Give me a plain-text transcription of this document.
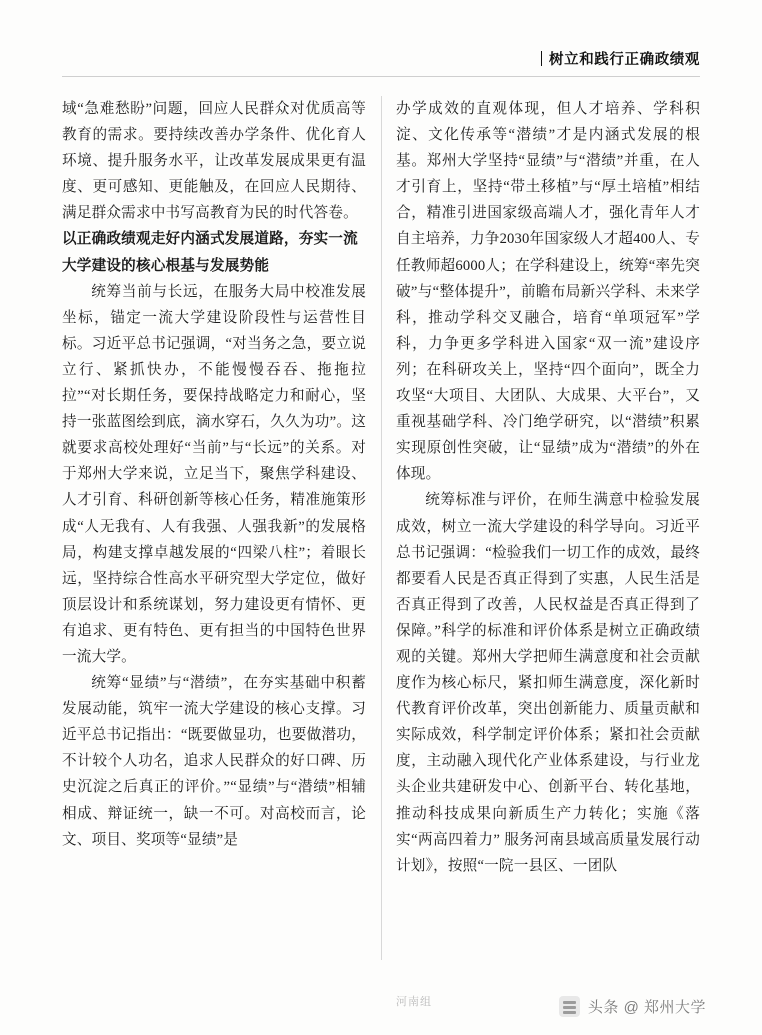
树立和践行正确政绩观

域“急难愁盼”问题，回应人民群众对优质高等教育的需求。要持续改善办学条件、优化育人环境、提升服务水平，让改革发展成果更有温度、更可感知、更能触及，在回应人民期待、满足群众需求中书写高教育为民的时代答卷。

以正确政绩观走好内涵式发展道路，夯实一流大学建设的核心根基与发展势能

统筹当前与长远，在服务大局中校准发展坐标，锚定一流大学建设阶段性与运营性目标。习近平总书记强调，“对当务之急，要立说立行、紧抓快办，不能慢慢吞吞、拖拖拉拉”“对长期任务，要保持战略定力和耐心，坚持一张蓝图绘到底，滴水穿石，久久为功”。这就要求高校处理好“当前”与“长远”的关系。对于郑州大学来说，立足当下，聚焦学科建设、人才引育、科研创新等核心任务，精准施策形成“人无我有、人有我强、人强我新”的发展格局，构建支撑卓越发展的“四梁八柱”；着眼长远，坚持综合性高水平研究型大学定位，做好顶层设计和系统谋划，努力建设更有情怀、更有追求、更有特色、更有担当的中国特色世界一流大学。

统筹“显绩”与“潜绩”，在夯实基础中积蓄发展动能，筑牢一流大学建设的核心支撑。习近平总书记指出：“既要做显功，也要做潜功，不计较个人功名，追求人民群众的好口碑、历史沉淀之后真正的评价。”“显绩”与“潜绩”相辅相成、辩证统一，缺一不可。对高校而言，论文、项目、奖项等“显绩”是

办学成效的直观体现，但人才培养、学科积淀、文化传承等“潜绩”才是内涵式发展的根基。郑州大学坚持“显绩”与“潜绩”并重，在人才引育上，坚持“带土移植”与“厚土培植”相结合，精准引进国家级高端人才，强化青年人才自主培养，力争2030年国家级人才超400人、专任教师超6000人；在学科建设上，统筹“率先突破”与“整体提升”，前瞻布局新兴学科、未来学科，推动学科交叉融合，培育“单项冠军”学科，力争更多学科进入国家“双一流”建设序列；在科研攻关上，坚持“四个面向”，既全力攻坚“大项目、大团队、大成果、大平台”，又重视基础学科、冷门绝学研究，以“潜绩”积累实现原创性突破，让“显绩”成为“潜绩”的外在体现。

统筹标准与评价，在师生满意中检验发展成效，树立一流大学建设的科学导向。习近平总书记强调：“检验我们一切工作的成效，最终都要看人民是否真正得到了实惠，人民生活是否真正得到了改善，人民权益是否真正得到了保障。”科学的标准和评价体系是树立正确政绩观的关键。郑州大学把师生满意度和社会贡献度作为核心标尺，紧扣师生满意度，深化新时代教育评价改革，突出创新能力、质量贡献和实际成效，科学制定评价体系；紧扣社会贡献度，主动融入现代化产业体系建设，与行业龙头企业共建研发中心、创新平台、转化基地，推动科技成果向新质生产力转化；实施《落实“两高四着力” 服务河南县域高质量发展行动计划》，按照“一院一县区、一团队

河南组	头条 @ 郑州大学
